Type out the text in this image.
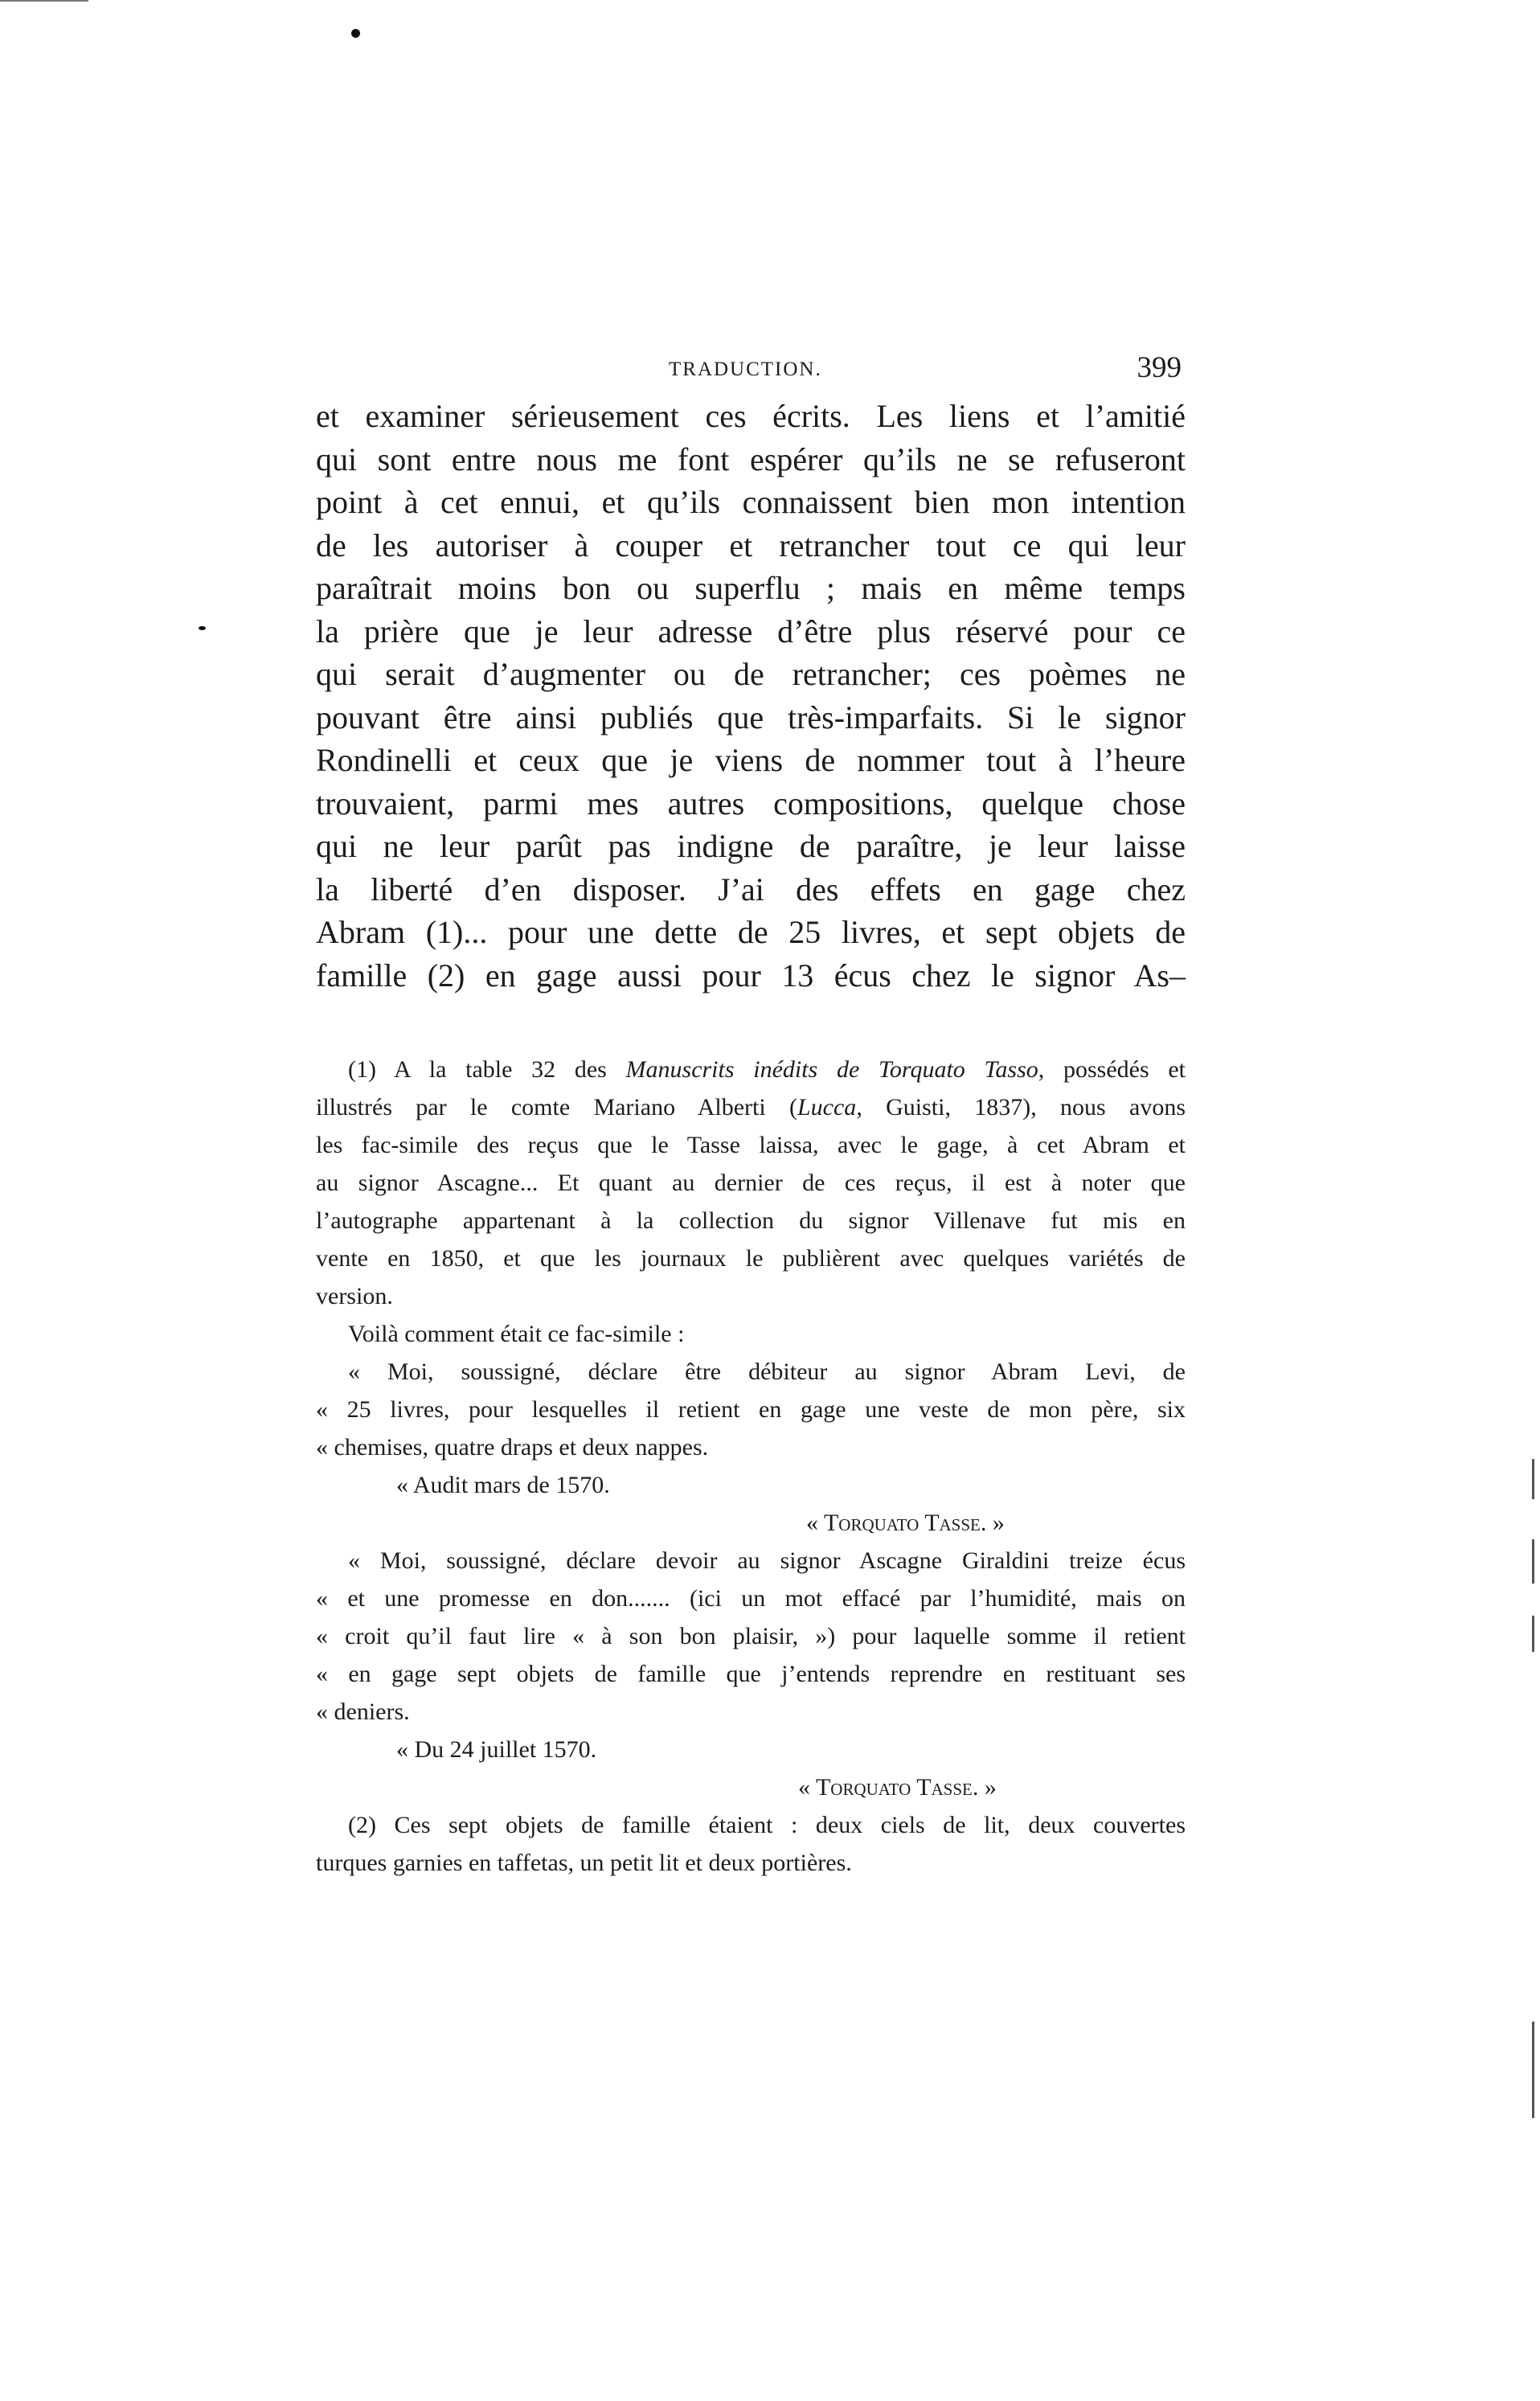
TRADUCTION.	399
et examiner sérieusement ces écrits. Les liens et l’amitié
qui sont entre nous me font espérer qu’ils ne se refuseront
point à cet ennui, et qu’ils connaissent bien mon intention
de les autoriser à couper et retrancher tout ce qui leur
paraîtrait moins bon ou superflu ; mais en même temps
la prière que je leur adresse d’être plus réservé pour ce
qui serait d’augmenter ou de retrancher; ces poèmes ne
pouvant être ainsi publiés que très-imparfaits. Si le signor
Rondinelli et ceux que je viens de nommer tout à l’heure
trouvaient, parmi mes autres compositions, quelque chose
qui ne leur parût pas indigne de paraître, je leur laisse
la liberté d’en disposer. J’ai des effets en gage chez
Abram (1)... pour une dette de 25 livres, et sept objets de
famille (2) en gage aussi pour 13 écus chez le signor As–
(1) A la table 32 des Manuscrits inédits de Torquato Tasso, possédés et
illustrés par le comte Mariano Alberti (Lucca, Guisti, 1837), nous avons
les fac-simile des reçus que le Tasse laissa, avec le gage, à cet Abram et
au signor Ascagne... Et quant au dernier de ces reçus, il est à noter que
l’autographe appartenant à la collection du signor Villenave fut mis en
vente en 1850, et que les journaux le publièrent avec quelques variétés de
version.
Voilà comment était ce fac-simile :
« Moi, soussigné, déclare être débiteur au signor Abram Levi, de
« 25 livres, pour lesquelles il retient en gage une veste de mon père, six
« chemises, quatre draps et deux nappes.
« Audit mars de 1570.
« Torquato Tasse. »
« Moi, soussigné, déclare devoir au signor Ascagne Giraldini treize écus
« et une promesse en don....... (ici un mot effacé par l’humidité, mais on
« croit qu’il faut lire « à son bon plaisir, ») pour laquelle somme il retient
« en gage sept objets de famille que j’entends reprendre en restituant ses
« deniers.
« Du 24 juillet 1570.
« Torquato Tasse. »
(2) Ces sept objets de famille étaient : deux ciels de lit, deux couvertes
turques garnies en taffetas, un petit lit et deux portières.
